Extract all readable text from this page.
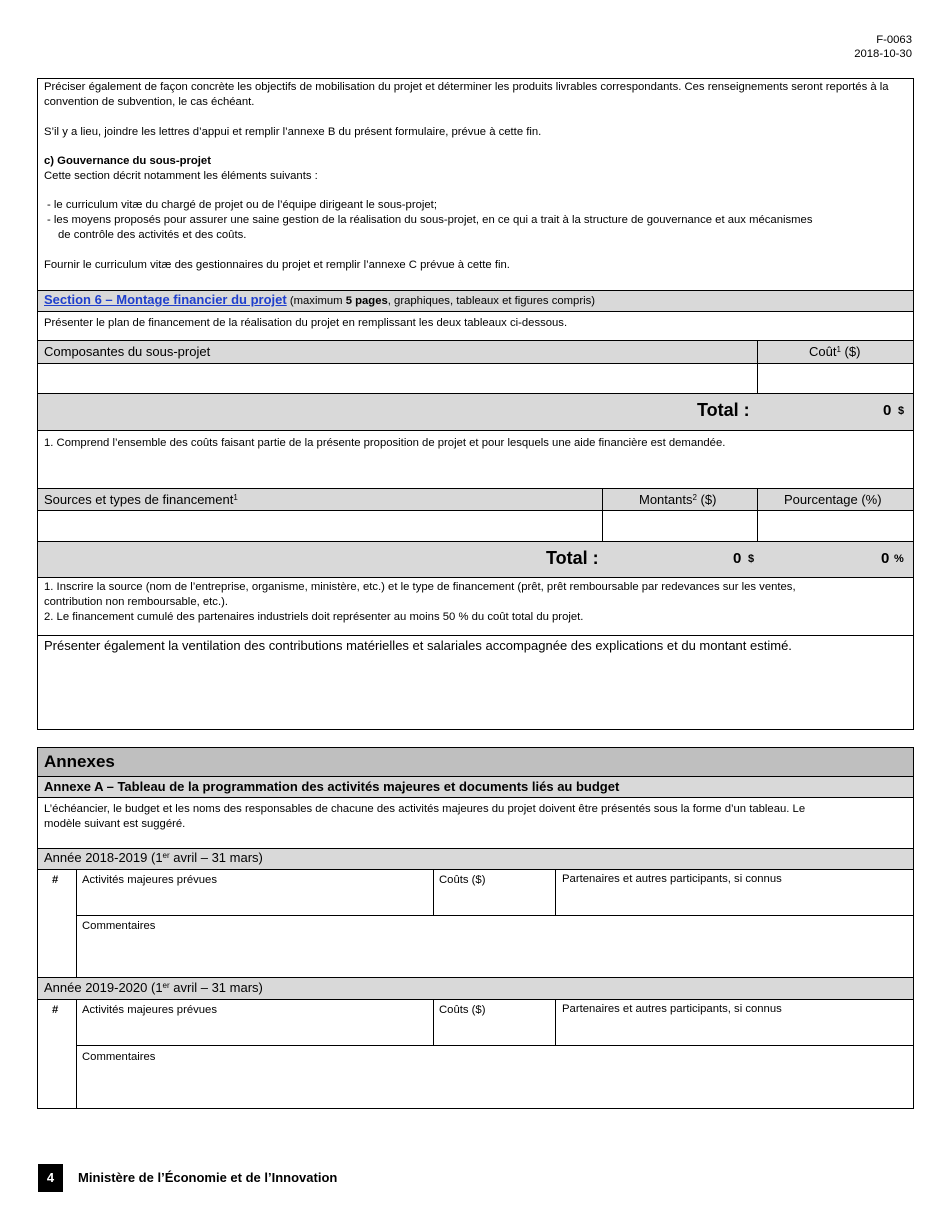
F-0063
2018-10-30
Préciser également de façon concrète les objectifs de mobilisation du projet et déterminer les produits livrables correspondants. Ces renseignements seront reportés à la convention de subvention, le cas échéant.
S’il y a lieu, joindre les lettres d’appui et remplir l’annexe B du présent formulaire, prévue à cette fin.
c) Gouvernance du sous-projet
Cette section décrit notamment les éléments suivants :
- le curriculum vitæ du chargé de projet ou de l’équipe dirigeant le sous-projet;
- les moyens proposés pour assurer une saine gestion de la réalisation du sous-projet, en ce qui a trait à la structure de gouvernance et aux mécanismes
de contrôle des activités et des coûts.
Fournir le curriculum vitæ des gestionnaires du projet et remplir l’annexe C prévue à cette fin.
Section 6 – Montage financier du projet (maximum 5 pages, graphiques, tableaux et figures compris)
Présenter le plan de financement de la réalisation du projet en remplissant les deux tableaux ci-dessous.
Composantes du sous-projet	Coût$^1$ ($)
Total :	0 $
1. Comprend l’ensemble des coûts faisant partie de la présente proposition de projet et pour lesquels une aide financière est demandée.
Sources et types de financement$^1$	Montants$^2$ ($)	Pourcentage (%)
Total :	0 $	0 %
1. Inscrire la source (nom de l’entreprise, organisme, ministère, etc.) et le type de financement (prêt, prêt remboursable par redevances sur les ventes,
contribution non remboursable, etc.).
2. Le financement cumulé des partenaires industriels doit représenter au moins 50 % du coût total du projet.
Présenter également la ventilation des contributions matérielles et salariales accompagnée des explications et du montant estimé.
Annexes
Annexe A – Tableau de la programmation des activités majeures et documents liés au budget
L’échéancier, le budget et les noms des responsables de chacune des activités majeures du projet doivent être présentés sous la forme d’un tableau. Le
modèle suivant est suggéré.
Année 2018-2019 (1er avril – 31 mars)
# Activités majeures prévues	Coûts ($)	Partenaires et autres participants, si connus
Commentaires
Année 2019-2020 (1er avril – 31 mars)
# Activités majeures prévues	Coûts ($)	Partenaires et autres participants, si connus
Commentaires
4	Ministère de l’Économie et de l’Innovation
